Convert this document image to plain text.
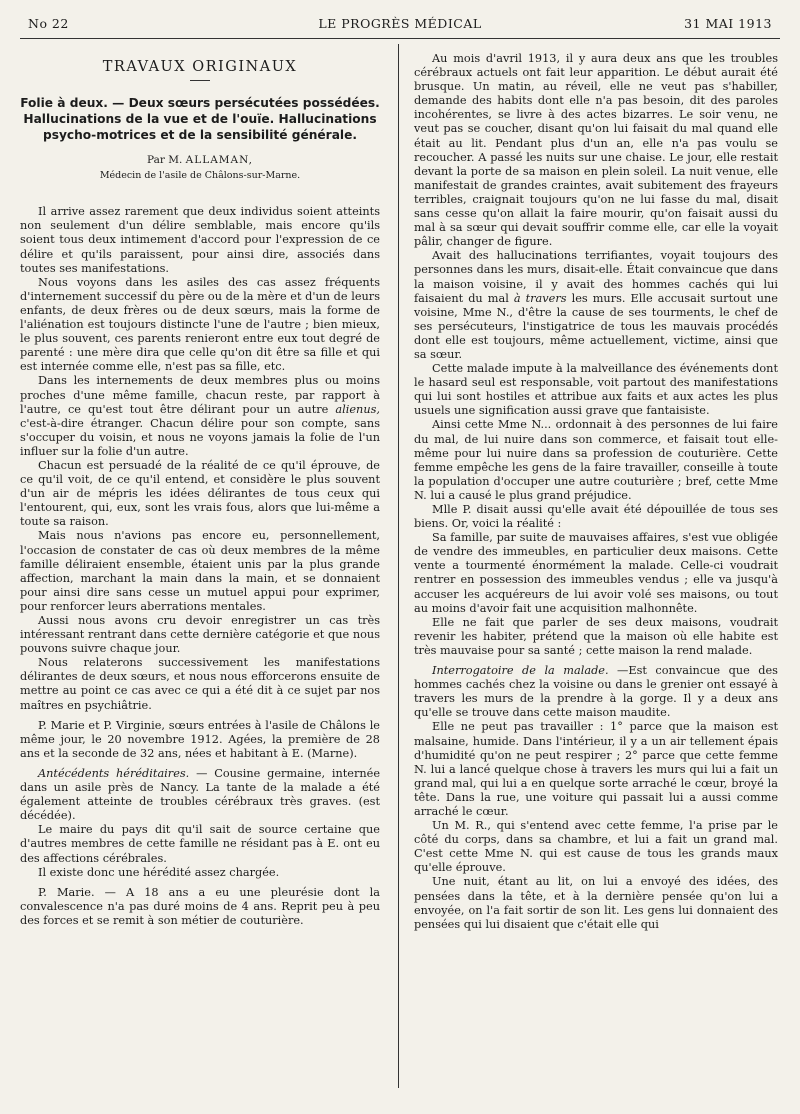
No 22	LE PROGRÈS MÉDICAL	31 MAI 1913
TRAVAUX ORIGINAUX
Folie à deux. — Deux sœurs persécutées possédées. Hallucinations de la vue et de l'ouïe. Hallucinations psycho-motrices et de la sensibilité générale.
Par M. ALLAMAN,
Médecin de l'asile de Châlons-sur-Marne.

Il arrive assez rarement que deux individus soient atteints non seulement d'un délire semblable, mais encore qu'ils soient tous deux intimement d'accord pour l'expression de ce délire et qu'ils paraissent, pour ainsi dire, associés dans toutes ses manifestations.

Nous voyons dans les asiles des cas assez fréquents d'internement successif du père ou de la mère et d'un de leurs enfants, de deux frères ou de deux sœurs, mais la forme de l'aliénation est toujours distincte l'une de l'autre ; bien mieux, le plus souvent, ces parents renieront entre eux tout degré de parenté : une mère dira que celle qu'on dit être sa fille et qui est internée comme elle, n'est pas sa fille, etc.

Dans les internements de deux membres plus ou moins proches d'une même famille, chacun reste, par rapport à l'autre, ce qu'est tout être délirant pour un autre alienus, c'est-à-dire étranger. Chacun délire pour son compte, sans s'occuper du voisin, et nous ne voyons jamais la folie de l'un influer sur la folie d'un autre.

Chacun est persuadé de la réalité de ce qu'il éprouve, de ce qu'il voit, de ce qu'il entend, et considère le plus souvent d'un air de mépris les idées délirantes de tous ceux qui l'entourent, qui, eux, sont les vrais fous, alors que lui-même a toute sa raison.

Mais nous n'avions pas encore eu, personnellement, l'occasion de constater de cas où deux membres de la même famille déliraient ensemble, étaient unis par la plus grande affection, marchant la main dans la main, et se donnaient pour ainsi dire sans cesse un mutuel appui pour exprimer, pour renforcer leurs aberrations mentales.

Aussi nous avons cru devoir enregistrer un cas très intéressant rentrant dans cette dernière catégorie et que nous pouvons suivre chaque jour.

Nous relaterons successivement les manifestations délirantes de deux sœurs, et nous nous efforcerons ensuite de mettre au point ce cas avec ce qui a été dit à ce sujet par nos maîtres en psychiâtrie.

P. Marie et P. Virginie, sœurs entrées à l'asile de Châlons le même jour, le 20 novembre 1912. Agées, la première de 28 ans et la seconde de 32 ans, nées et habitant à E. (Marne).

Antécédents héréditaires. — Cousine germaine, internée dans un asile près de Nancy. La tante de la malade a été également atteinte de troubles cérébraux très graves. (est décédée).

Le maire du pays dit qu'il sait de source certaine que d'autres membres de cette famille ne résidant pas à E. ont eu des affections cérébrales.

Il existe donc une hérédité assez chargée.

P. Marie. — A 18 ans a eu une pleurésie dont la convalescence n'a pas duré moins de 4 ans. Reprit peu à peu des forces et se remit à son métier de couturière.

Au mois d'avril 1913, il y aura deux ans que les troubles cérébraux actuels ont fait leur apparition. Le début aurait été brusque. Un matin, au réveil, elle ne veut pas s'habiller, demande des habits dont elle n'a pas besoin, dit des paroles incohérentes, se livre à des actes bizarres. Le soir venu, ne veut pas se coucher, disant qu'on lui faisait du mal quand elle était au lit. Pendant plus d'un an, elle n'a pas voulu se recoucher. A passé les nuits sur une chaise. Le jour, elle restait devant la porte de sa maison en plein soleil. La nuit venue, elle manifestait de grandes craintes, avait subitement des frayeurs terribles, craignait toujours qu'on ne lui fasse du mal, disait sans cesse qu'on allait la faire mourir, qu'on faisait aussi du mal à sa sœur qui devait souffrir comme elle, car elle la voyait pâlir, changer de figure.

Avait des hallucinations terrifiantes, voyait toujours des personnes dans les murs, disait-elle. Était convaincue que dans la maison voisine, il y avait des hommes cachés qui lui faisaient du mal à travers les murs. Elle accusait surtout une voisine, Mme N., d'être la cause de ses tourments, le chef de ses persécuteurs, l'instigatrice de tous les mauvais procédés dont elle est toujours, même actuellement, victime, ainsi que sa sœur.

Cette malade impute à la malveillance des événements dont le hasard seul est responsable, voit partout des manifestations qui lui sont hostiles et attribue aux faits et aux actes les plus usuels une signification aussi grave que fantaisiste.

Ainsi cette Mme N... ordonnait à des personnes de lui faire du mal, de lui nuire dans son commerce, et faisait tout elle-même pour lui nuire dans sa profession de couturière. Cette femme empêche les gens de la faire travailler, conseille à toute la population d'occuper une autre couturière ; bref, cette Mme N. lui a causé le plus grand préjudice.

Mlle P. disait aussi qu'elle avait été dépouillée de tous ses biens. Or, voici la réalité :

Sa famille, par suite de mauvaises affaires, s'est vue obligée de vendre des immeubles, en particulier deux maisons. Cette vente a tourmenté énormément la malade. Celle-ci voudrait rentrer en possession des immeubles vendus ; elle va jusqu'à accuser les acquéreurs de lui avoir volé ses maisons, ou tout au moins d'avoir fait une acquisition malhonnête.

Elle ne fait que parler de ses deux maisons, voudrait revenir les habiter, prétend que la maison où elle habite est très mauvaise pour sa santé ; cette maison la rend malade.

Interrogatoire de la malade. —Est convaincue que des hommes cachés chez la voisine ou dans le grenier ont essayé à travers les murs de la prendre à la gorge. Il y a deux ans qu'elle se trouve dans cette maison maudite.

Elle ne peut pas travailler : 1° parce que la maison est malsaine, humide. Dans l'intérieur, il y a un air tellement épais d'humidité qu'on ne peut respirer ; 2° parce que cette femme N. lui a lancé quelque chose à travers les murs qui lui a fait un grand mal, qui lui a en quelque sorte arraché le cœur, broyé la tête. Dans la rue, une voiture qui passait lui a aussi comme arraché le cœur.

Un M. R., qui s'entend avec cette femme, l'a prise par le côté du corps, dans sa chambre, et lui a fait un grand mal. C'est cette Mme N. qui est cause de tous les grands maux qu'elle éprouve.

Une nuit, étant au lit, on lui a envoyé des idées, des pensées dans la tête, et à la dernière pensée qu'on lui a envoyée, on l'a fait sortir de son lit. Les gens lui donnaient des pensées qui lui disaient que c'était elle qui
